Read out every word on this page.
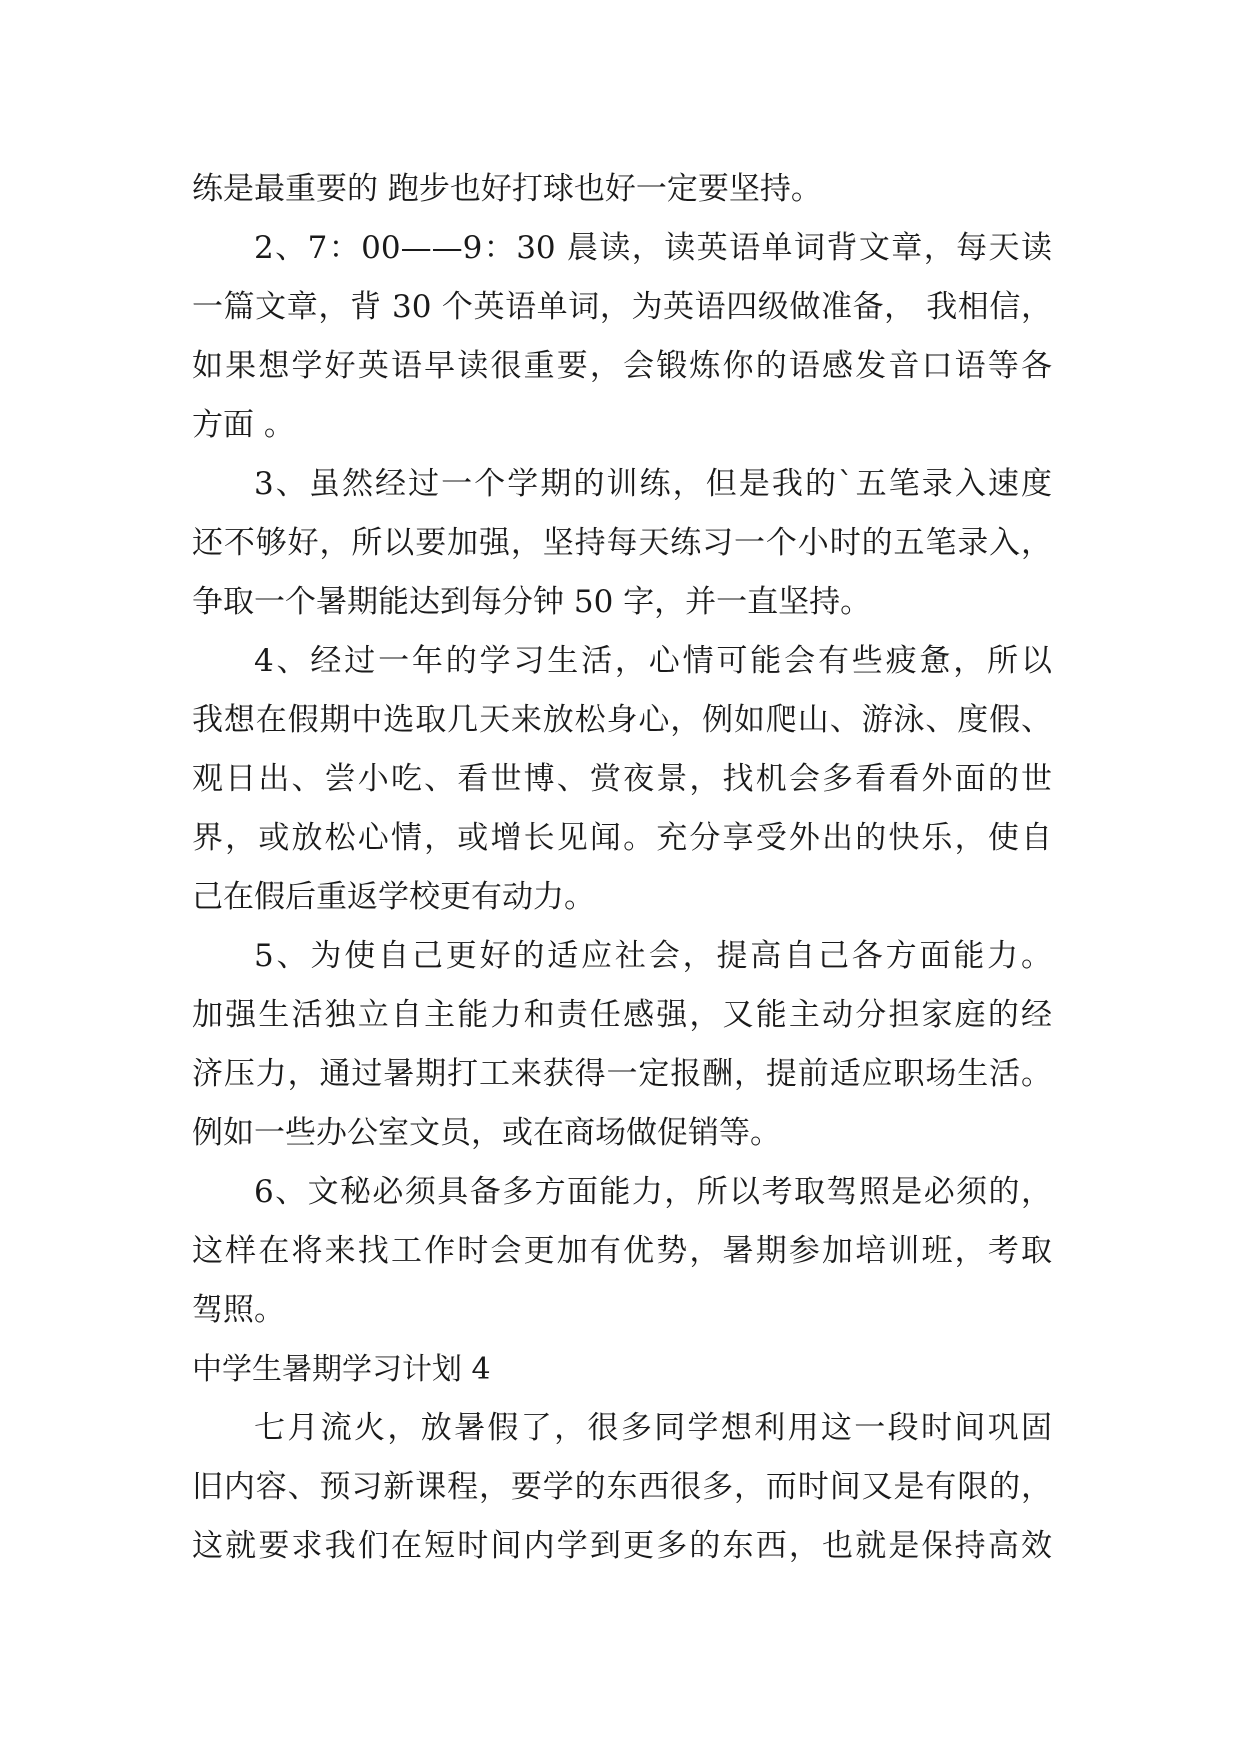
练是最重要的 跑步也好打球也好一定要坚持。
2、7：00——9：30 晨读，读英语单词背文章，每天读
一篇文章，背 30 个英语单词，为英语四级做准备， 我相信，
如果想学好英语早读很重要，会锻炼你的语感发音口语等各
方面 。
3、虽然经过一个学期的训练，但是我的`五笔录入速度
还不够好，所以要加强，坚持每天练习一个小时的五笔录入，
争取一个暑期能达到每分钟 50 字，并一直坚持。
4、经过一年的学习生活，心情可能会有些疲惫，所以
我想在假期中选取几天来放松身心，例如爬山、游泳、度假、
观日出、尝小吃、看世博、赏夜景，找机会多看看外面的世
界，或放松心情，或增长见闻。充分享受外出的快乐，使自
己在假后重返学校更有动力。
5、为使自己更好的适应社会，提高自己各方面能力。
加强生活独立自主能力和责任感强，又能主动分担家庭的经
济压力，通过暑期打工来获得一定报酬，提前适应职场生活。
例如一些办公室文员，或在商场做促销等。
6、文秘必须具备多方面能力，所以考取驾照是必须的，
这样在将来找工作时会更加有优势，暑期参加培训班，考取
驾照。
中学生暑期学习计划 4
七月流火，放暑假了，很多同学想利用这一段时间巩固
旧内容、预习新课程，要学的东西很多，而时间又是有限的，
这就要求我们在短时间内学到更多的东西，也就是保持高效
